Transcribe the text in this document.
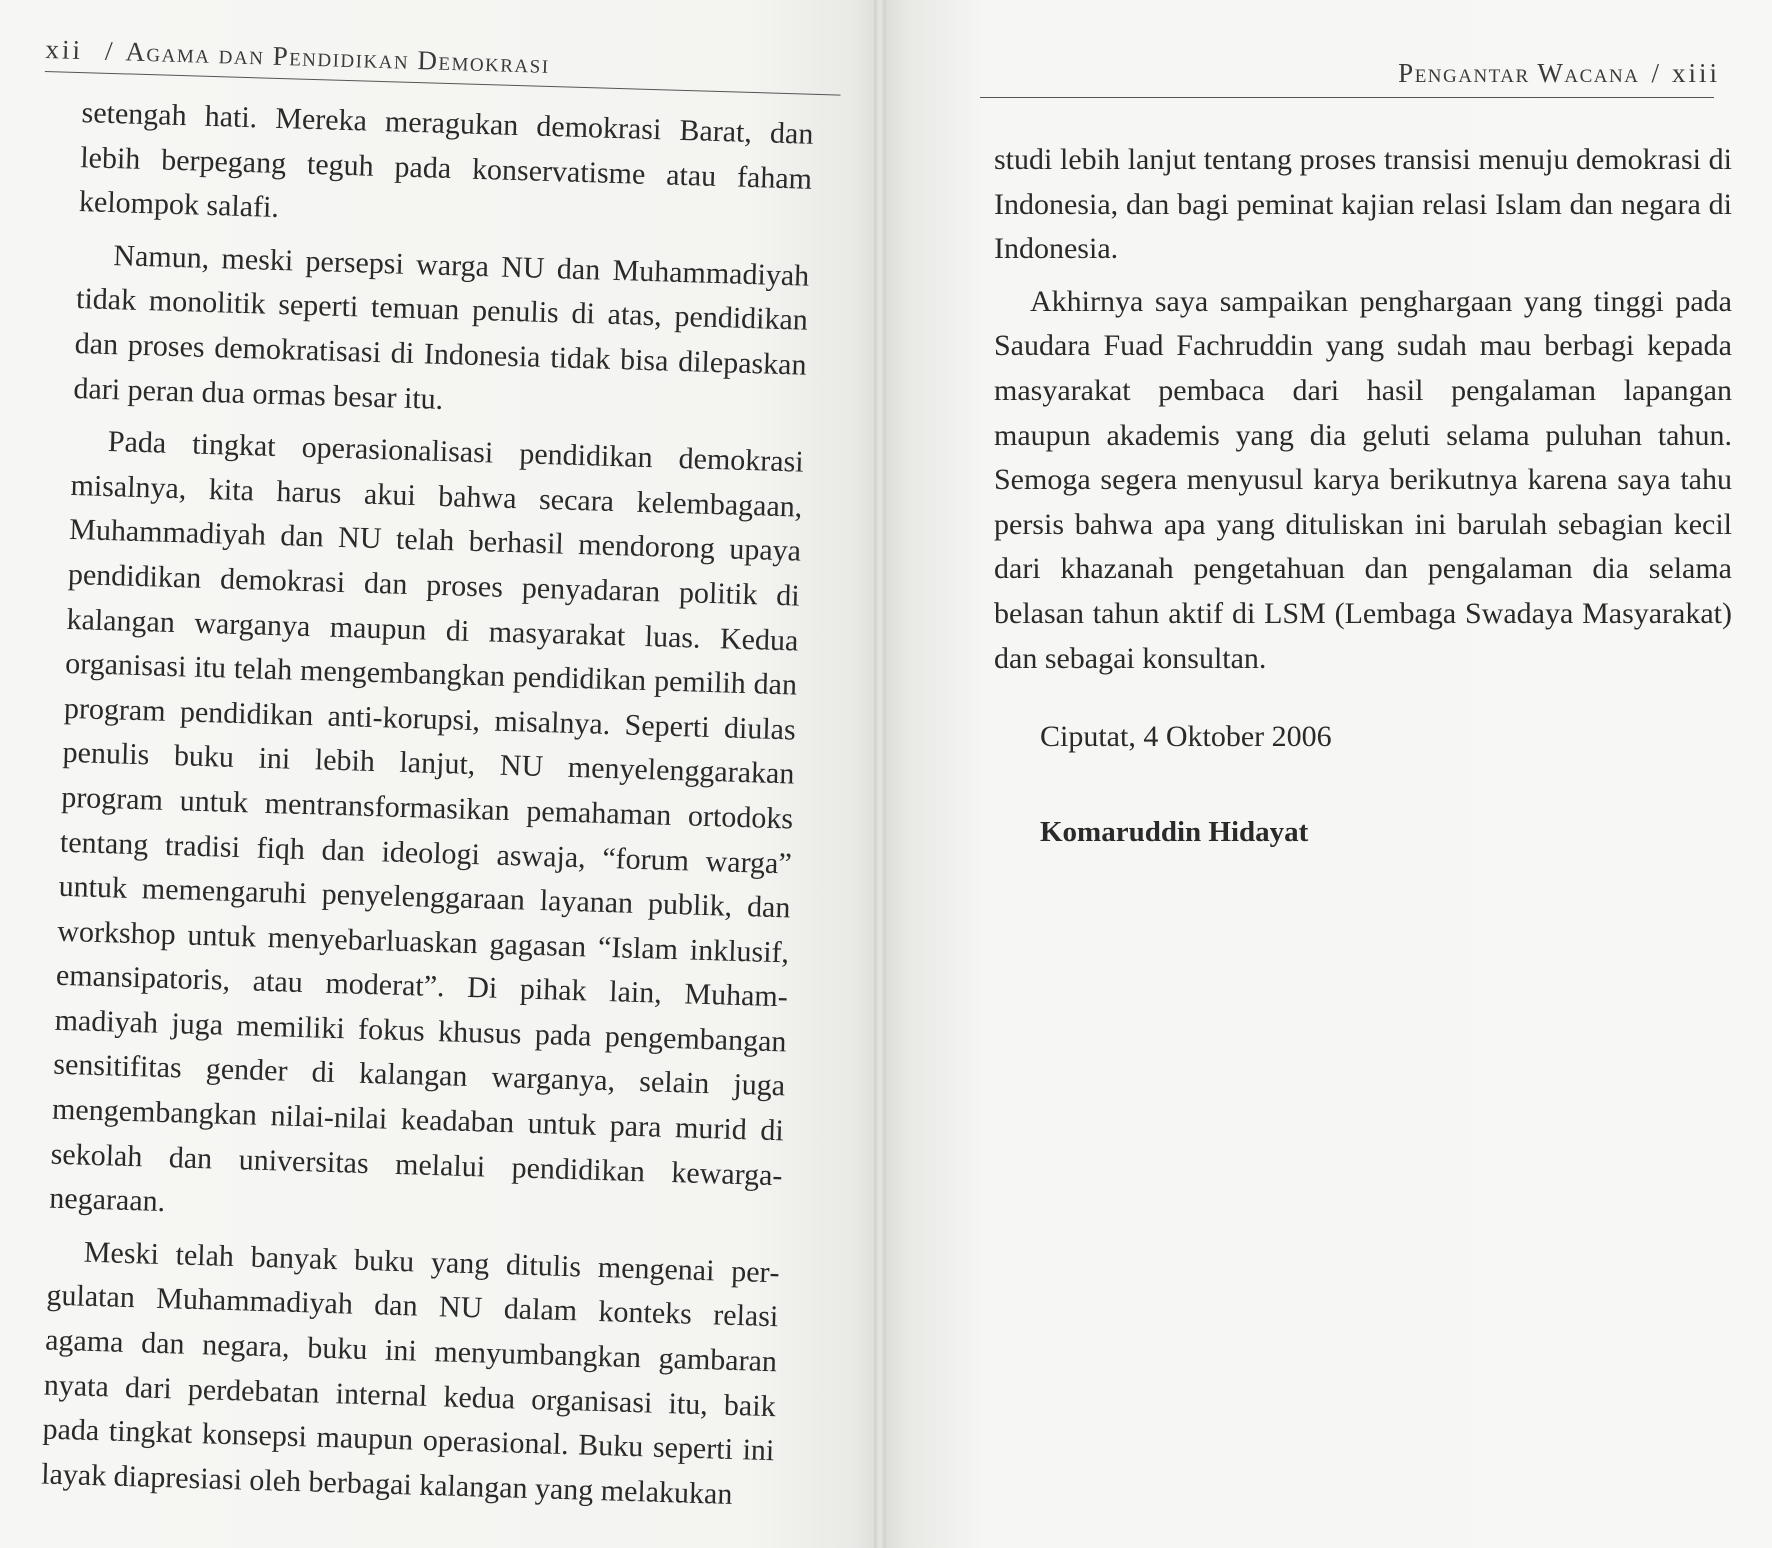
xii / Agama dan Pendidikan Demokrasi

setengah hati. Mereka meragukan demokrasi Barat, dan lebih berpegang teguh pada konservatisme atau faham kelompok salafi.

Namun, meski persepsi warga NU dan Muhammadiyah tidak monolitik seperti temuan penulis di atas, pendidikan dan proses demokratisasi di Indonesia tidak bisa dilepaskan dari peran dua ormas besar itu.

Pada tingkat operasionalisasi pendidikan demokrasi misalnya, kita harus akui bahwa secara kelembagaan, Muhammadiyah dan NU telah berhasil mendorong upaya pendidikan demokrasi dan proses penyadaran politik di kalangan warganya maupun di masyarakat luas. Kedua organisasi itu telah mengembangkan pendidikan pemilih dan program pendidikan anti-korupsi, misalnya. Seperti diulas penulis buku ini lebih lanjut, NU menyelenggarakan program untuk mentransformasikan pemahaman ortodoks tentang tradisi fiqh dan ideologi aswaja, “forum warga” untuk memengaruhi penyelenggaraan layanan publik, dan workshop untuk menyebarluaskan gagasan “Islam inklusif, emansipatoris, atau moderat”. Di pihak lain, Muhammadiyah juga memiliki fokus khusus pada pengembangan sensitifitas gender di kalangan warganya, selain juga mengembangkan nilai-nilai keadaban untuk para murid di sekolah dan universitas melalui pendidikan kewarganegaraan.

Meski telah banyak buku yang ditulis mengenai pergulatan Muhammadiyah dan NU dalam konteks relasi agama dan negara, buku ini menyumbangkan gambaran nyata dari perdebatan internal kedua organisasi itu, baik pada tingkat konsepsi maupun operasional. Buku seperti ini layak diapresiasi oleh berbagai kalangan yang melakukan

Pengantar Wacana / xiii

studi lebih lanjut tentang proses transisi menuju demokrasi di Indonesia, dan bagi peminat kajian relasi Islam dan negara di Indonesia.

Akhirnya saya sampaikan penghargaan yang tinggi pada Saudara Fuad Fachruddin yang sudah mau berbagi kepada masyarakat pembaca dari hasil pengalaman lapangan maupun akademis yang dia geluti selama puluhan tahun. Semoga segera menyusul karya berikutnya karena saya tahu persis bahwa apa yang dituliskan ini barulah sebagian kecil dari khazanah pengetahuan dan pengalaman dia selama belasan tahun aktif di LSM (Lembaga Swadaya Masyarakat) dan sebagai konsultan.

Ciputat, 4 Oktober 2006
Komaruddin Hidayat
